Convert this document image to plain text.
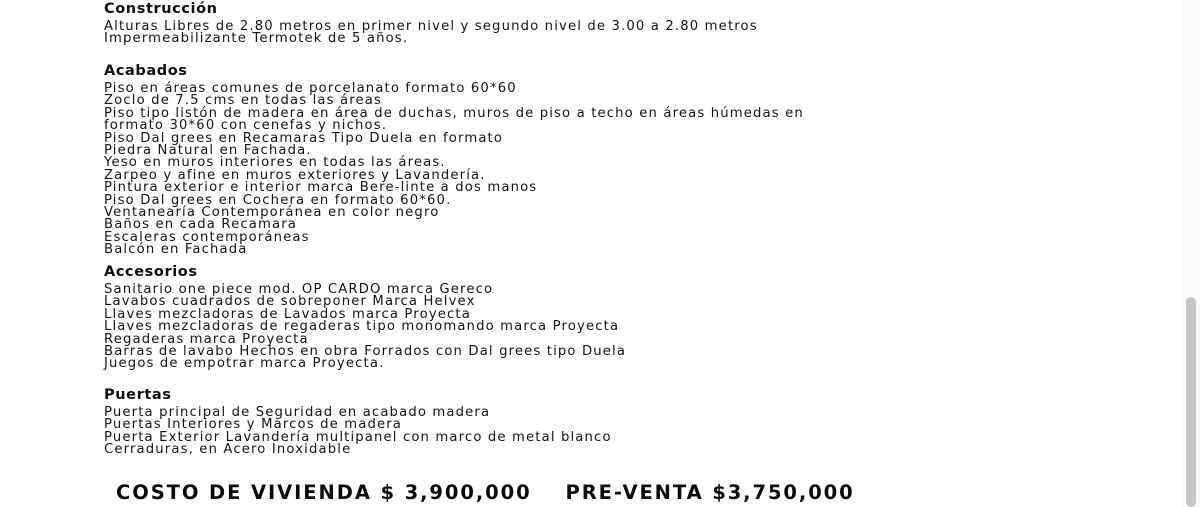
Construcción
Alturas Libres de 2.80 metros en primer nivel y segundo nivel de 3.00 a 2.80 metros
Impermeabilizante Termotek de 5 años.
Acabados
Piso en áreas comunes de porcelanato formato 60*60
Zoclo de 7.5 cms en todas las áreas
Piso tipo listón de madera en área de duchas, muros de piso a techo en áreas húmedas en
formato 30*60 con cenefas y nichos.
Piso Dal grees en Recamaras Tipo Duela en formato
Piedra Natural en Fachada.
Yeso en muros interiores en todas las áreas.
Zarpeo y afine en muros exteriores y Lavandería.
Pintura exterior e interior marca Bere-linte a dos manos
Piso Dal grees en Cochera en formato 60*60.
Ventanearía Contemporánea en color negro
Baños en cada Recamara
Escaleras contemporáneas
Balcón en Fachada
Accesorios
Sanitario one piece mod. OP CARDO marca Gereco
Lavabos cuadrados de sobreponer Marca Helvex
Llaves mezcladoras de Lavados marca Proyecta
Llaves mezcladoras de regaderas tipo monomando marca Proyecta
Regaderas marca Proyecta
Barras de lavabo Hechos en obra Forrados con Dal grees tipo Duela
Juegos de empotrar marca Proyecta.
Puertas
Puerta principal de Seguridad en acabado madera
Puertas Interiores y Marcos de madera
Puerta Exterior Lavandería multipanel con marco de metal blanco
Cerraduras, en Acero Inoxidable
COSTO DE VIVIENDA $ 3,900,000 PRE-VENTA $3,750,000
